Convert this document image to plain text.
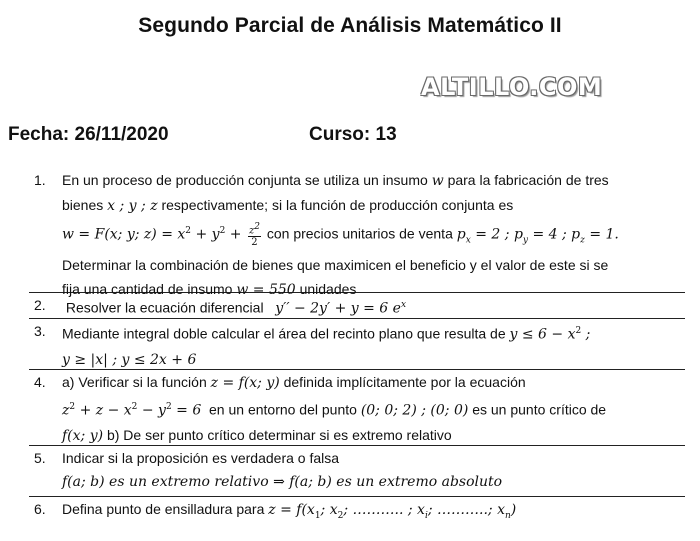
Segundo Parcial de Análisis Matemático II
ALTILLO.COM
Fecha: 26/11/2020	Curso: 13
1. En un proceso de producción conjunta se utiliza un insumo w para la fabricación de tres
bienes x ; y ; z respectivamente; si la función de producción conjunta es
w = F(x; y; $z) = x^2 + y^2 + \frac{z^2}{2}$ con precios unitarios de venta $p_x = 2$ ; $p_y = 4$ ; $p_z = 1$.
Determinar la combinación de bienes que maximicen el beneficio y el valor de este si se
fija una cantidad de insumo w = 550 unidades
2. Resolver la ecuación diferencial y′′ − 2y′ + y = 6 $e^x$
3. Mediante integral doble calcular el área del recinto plano que resulta de $y \le 6 - x^2$ ;
y ≥ |x| ; y ≤ 2x + 6
4. a) Verificar si la función z = f(x; y) definida implícitamente por la ecuación
$z^2 + z - x^2 - y^2 = 6$ en un entorno del punto (0; 0; 2) ; (0; 0) es un punto crítico de
f(x; y) b) De ser punto crítico determinar si es extremo relativo
5. Indicar si la proposición es verdadera o falsa
f(a; b) es un extremo relativo ⇒ f(a; b) es un extremo absoluto
6. Defina punto de ensilladura para $z = f(x_1$; $x_2$; ……….. ; $x_i$; ………..; $x_n$)
